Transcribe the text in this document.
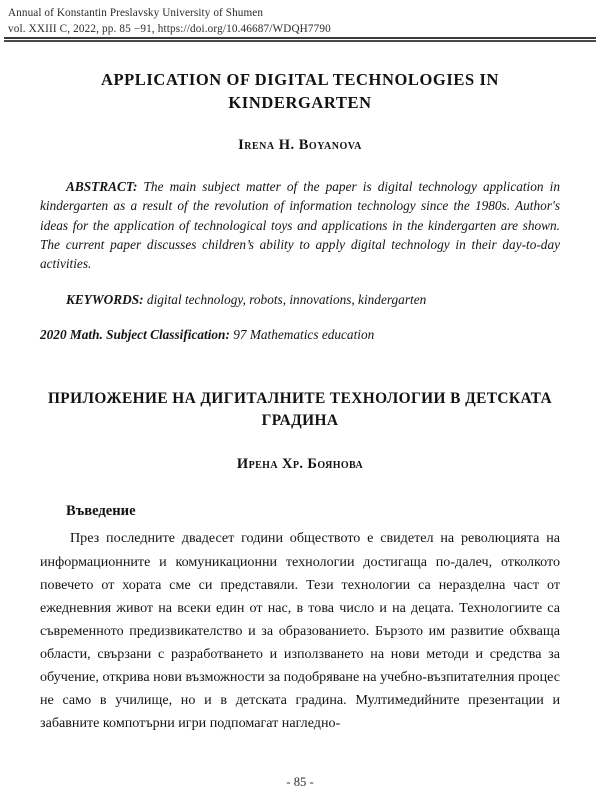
Annual of Konstantin Preslavsky University of Shumen
vol. XXIII C, 2022, pp. 85 −91, https://doi.org/10.46687/WDQH7790
APPLICATION OF DIGITAL TECHNOLOGIES IN KINDERGARTEN
Irena H. Boyanova

ABSTRACT: The main subject matter of the paper is digital technology application in kindergarten as a result of the revolution of information technology since the 1980s. Author's ideas for the application of technological toys and applications in the kindergarten are shown. The current paper discusses children’s ability to apply digital technology in their day-to-day activities.

KEYWORDS: digital technology, robots, innovations, kindergarten

2020 Math. Subject Classification: 97 Mathematics education

ПРИЛОЖЕНИЕ НА ДИГИТАЛНИТЕ ТЕХНОЛОГИИ В ДЕТСКАТА ГРАДИНА
Ирена Хр. Боянова
Въведение

През последните двадесет години обществото е свидетел на революцията на информационните и комуникационни технологии достигаща по-далеч, отколкото повечето от хората сме си представяли. Тези технологии са неразделна част от ежедневния живот на всеки един от нас, в това число и на децата. Технологиите са съвременното предизвикателство и за образованието. Бързото им развитие обхваща области, свързани с разработването и използването на нови методи и средства за обучение, открива нови възможности за подобряване на учебно-възпитателния процес не само в училище, но и в детската градина. Мултимедийните презентации и забавните компотърни игри подпомагат нагледно-

- 85 -
